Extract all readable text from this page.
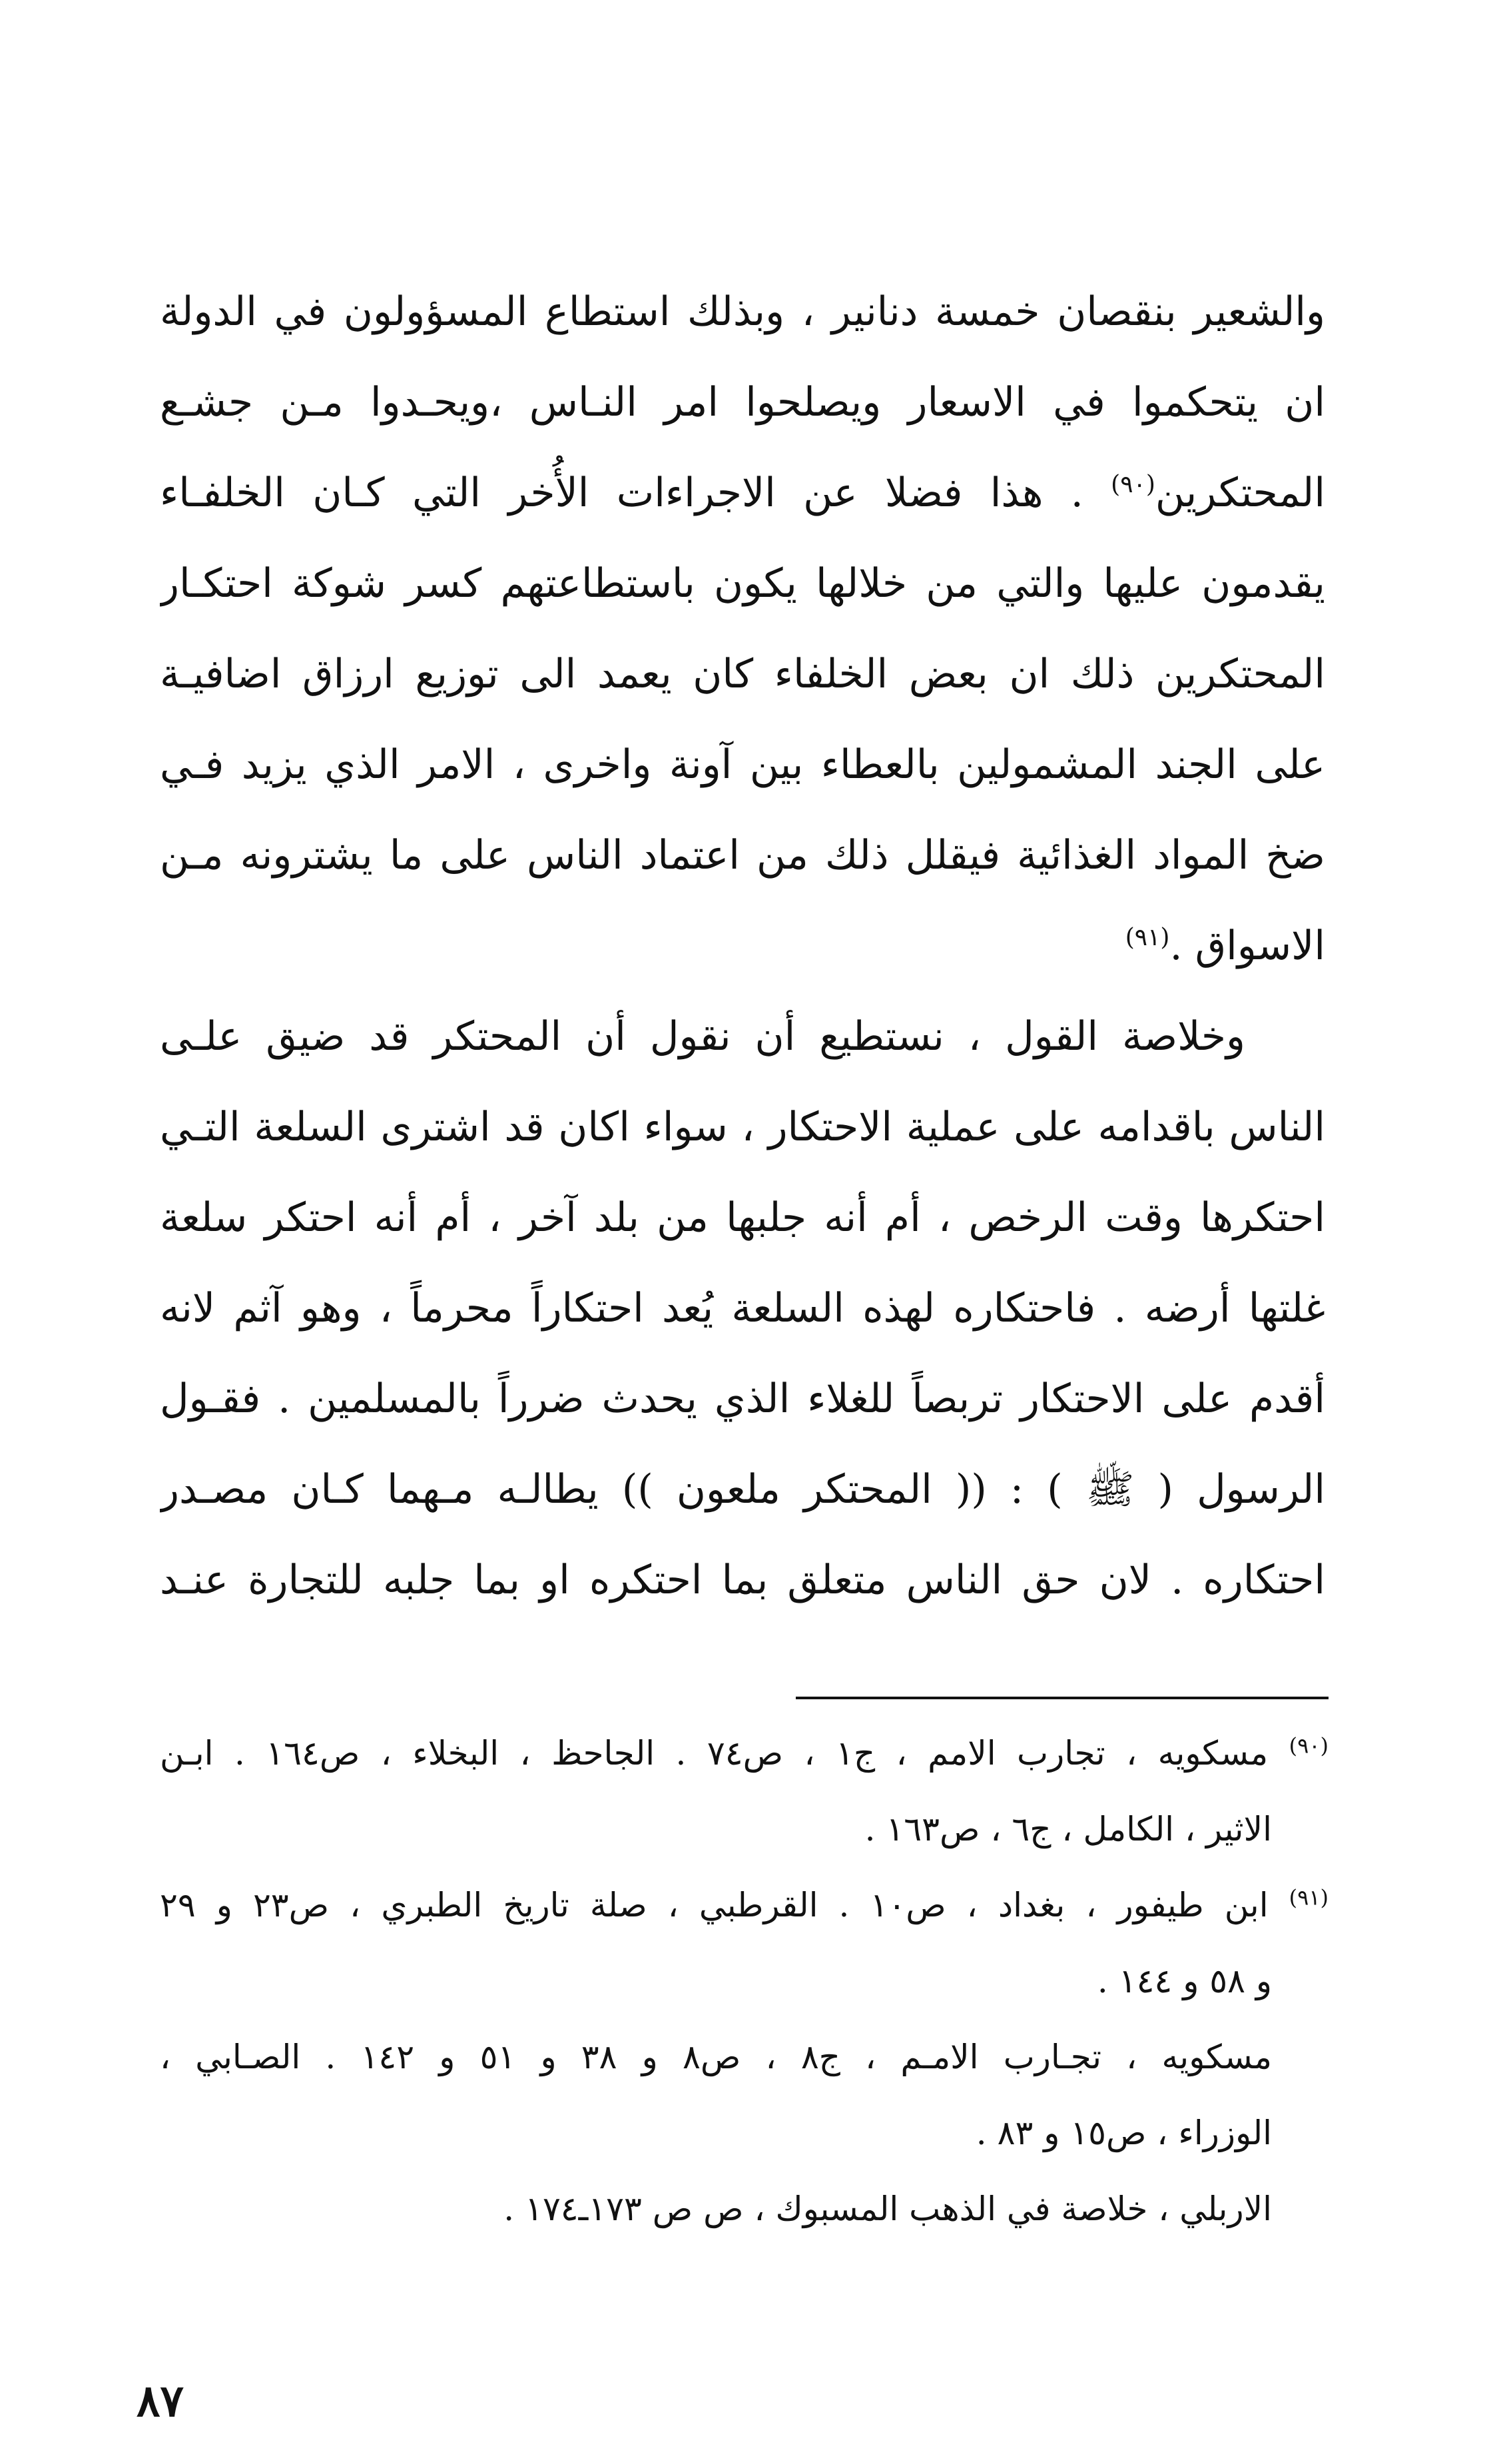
والشعير بنقصان خمسة دنانير ، وبذلك استطاع المسؤولون في الدولة
ان يتحكموا في الاسعار ويصلحوا امر النـاس ،ويحـدوا مـن جشـع
المحتكرين$^{(٩٠)}$ . هذا فضلا عن الاجراءات الأُخر التي كـان الخلفـاء
يقدمون عليها والتي من خلالها يكون باستطاعتهم كسر شوكة احتكـار
المحتكرين ذلك ان بعض الخلفاء كان يعمد الى توزيع ارزاق اضافيـة
على الجند المشمولين بالعطاء بين آونة واخرى ، الامر الذي يزيد فـي
ضخ المواد الغذائية فيقلل ذلك من اعتماد الناس على ما يشترونه مـن
الاسواق .$^{(٩١)}$
وخلاصة القول ، نستطيع أن نقول أن المحتكر قد ضيق علـى
الناس باقدامه على عملية الاحتكار ، سواء اكان قد اشترى السلعة التـي
احتكرها وقت الرخص ، أم أنه جلبها من بلد آخر ، أم أنه احتكر سلعة
غلتها أرضه . فاحتكاره لهذه السلعة يُعد احتكاراً محرماً ، وهو آثم لانه
أقدم على الاحتكار تربصاً للغلاء الذي يحدث ضرراً بالمسلمين . فقـول
الرسول ( ﷺ ) : (( المحتكر ملعون )) يطالـه مـهما كـان مصـدر
احتكاره . لان حق الناس متعلق بما احتكره او بما جلبه للتجارة عنـد
$^{(٩٠)}$ مسكويه ، تجارب الامم ، ج١ ، ص٧٤ . الجاحظ ، البخلاء ، ص١٦٤ . ابـن
الاثير ، الكامل ، ج٦ ، ص١٦٣ .
$^{(٩١)}$ ابن طيفور ، بغداد ، ص١٠ . القرطبي ، صلة تاريخ الطبري ، ص٢٣ و ٢٩
و ٥٨ و ١٤٤ .
مسكويه ، تجـارب الامـم ، ج٨ ، ص٨ و ٣٨ و ٥١ و ١٤٢ . الصـابي ،
الوزراء ، ص١٥ و ٨٣ .
الاربلي ، خلاصة في الذهب المسبوك ، ص ص ١٧٣ـ١٧٤ .
٨٧
